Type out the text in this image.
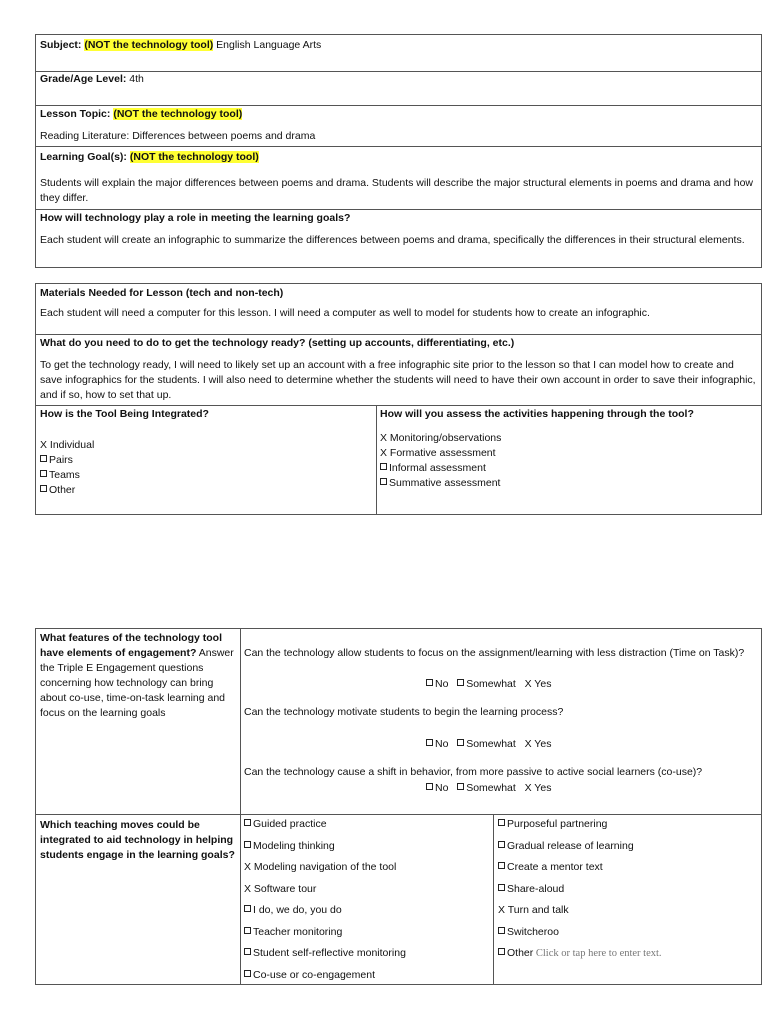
Subject: (NOT the technology tool) English Language Arts
Grade/Age Level: 4th
Lesson Topic: (NOT the technology tool)
Reading Literature: Differences between poems and drama
Learning Goal(s): (NOT the technology tool)
Students will explain the major differences between poems and drama. Students will describe the major structural elements in poems and drama and how they differ.
How will technology play a role in meeting the learning goals?
Each student will create an infographic to summarize the differences between poems and drama, specifically the differences in their structural elements.
Materials Needed for Lesson (tech and non-tech)
Each student will need a computer for this lesson. I will need a computer as well to model for students how to create an infographic.
What do you need to do to get the technology ready? (setting up accounts, differentiating, etc.)
To get the technology ready, I will need to likely set up an account with a free infographic site prior to the lesson so that I can model how to create and save infographics for the students. I will also need to determine whether the students will need to have their own account in order to save their infographic, and if so, how to set that up.
How is the Tool Being Integrated?
X Individual
Pairs
Teams
Other
How will you assess the activities happening through the tool?
X Monitoring/observations
X Formative assessment
Informal assessment
Summative assessment
What features of the technology tool have elements of engagement? Answer the Triple E Engagement questions concerning how technology can bring about co-use, time-on-task learning and focus on the learning goals
Can the technology allow students to focus on the assignment/learning with less distraction (Time on Task)?
No Somewhat X Yes
Can the technology motivate students to begin the learning process?
No Somewhat X Yes
Can the technology cause a shift in behavior, from more passive to active social learners (co-use)?
No Somewhat X Yes
Which teaching moves could be integrated to aid technology in helping students engage in the learning goals?
Guided practice
Modeling thinking
X Modeling navigation of the tool
X Software tour
I do, we do, you do
Teacher monitoring
Student self-reflective monitoring
Co-use or co-engagement
Purposeful partnering
Gradual release of learning
Create a mentor text
Share-aloud
X Turn and talk
Switcheroo
Other Click or tap here to enter text.
